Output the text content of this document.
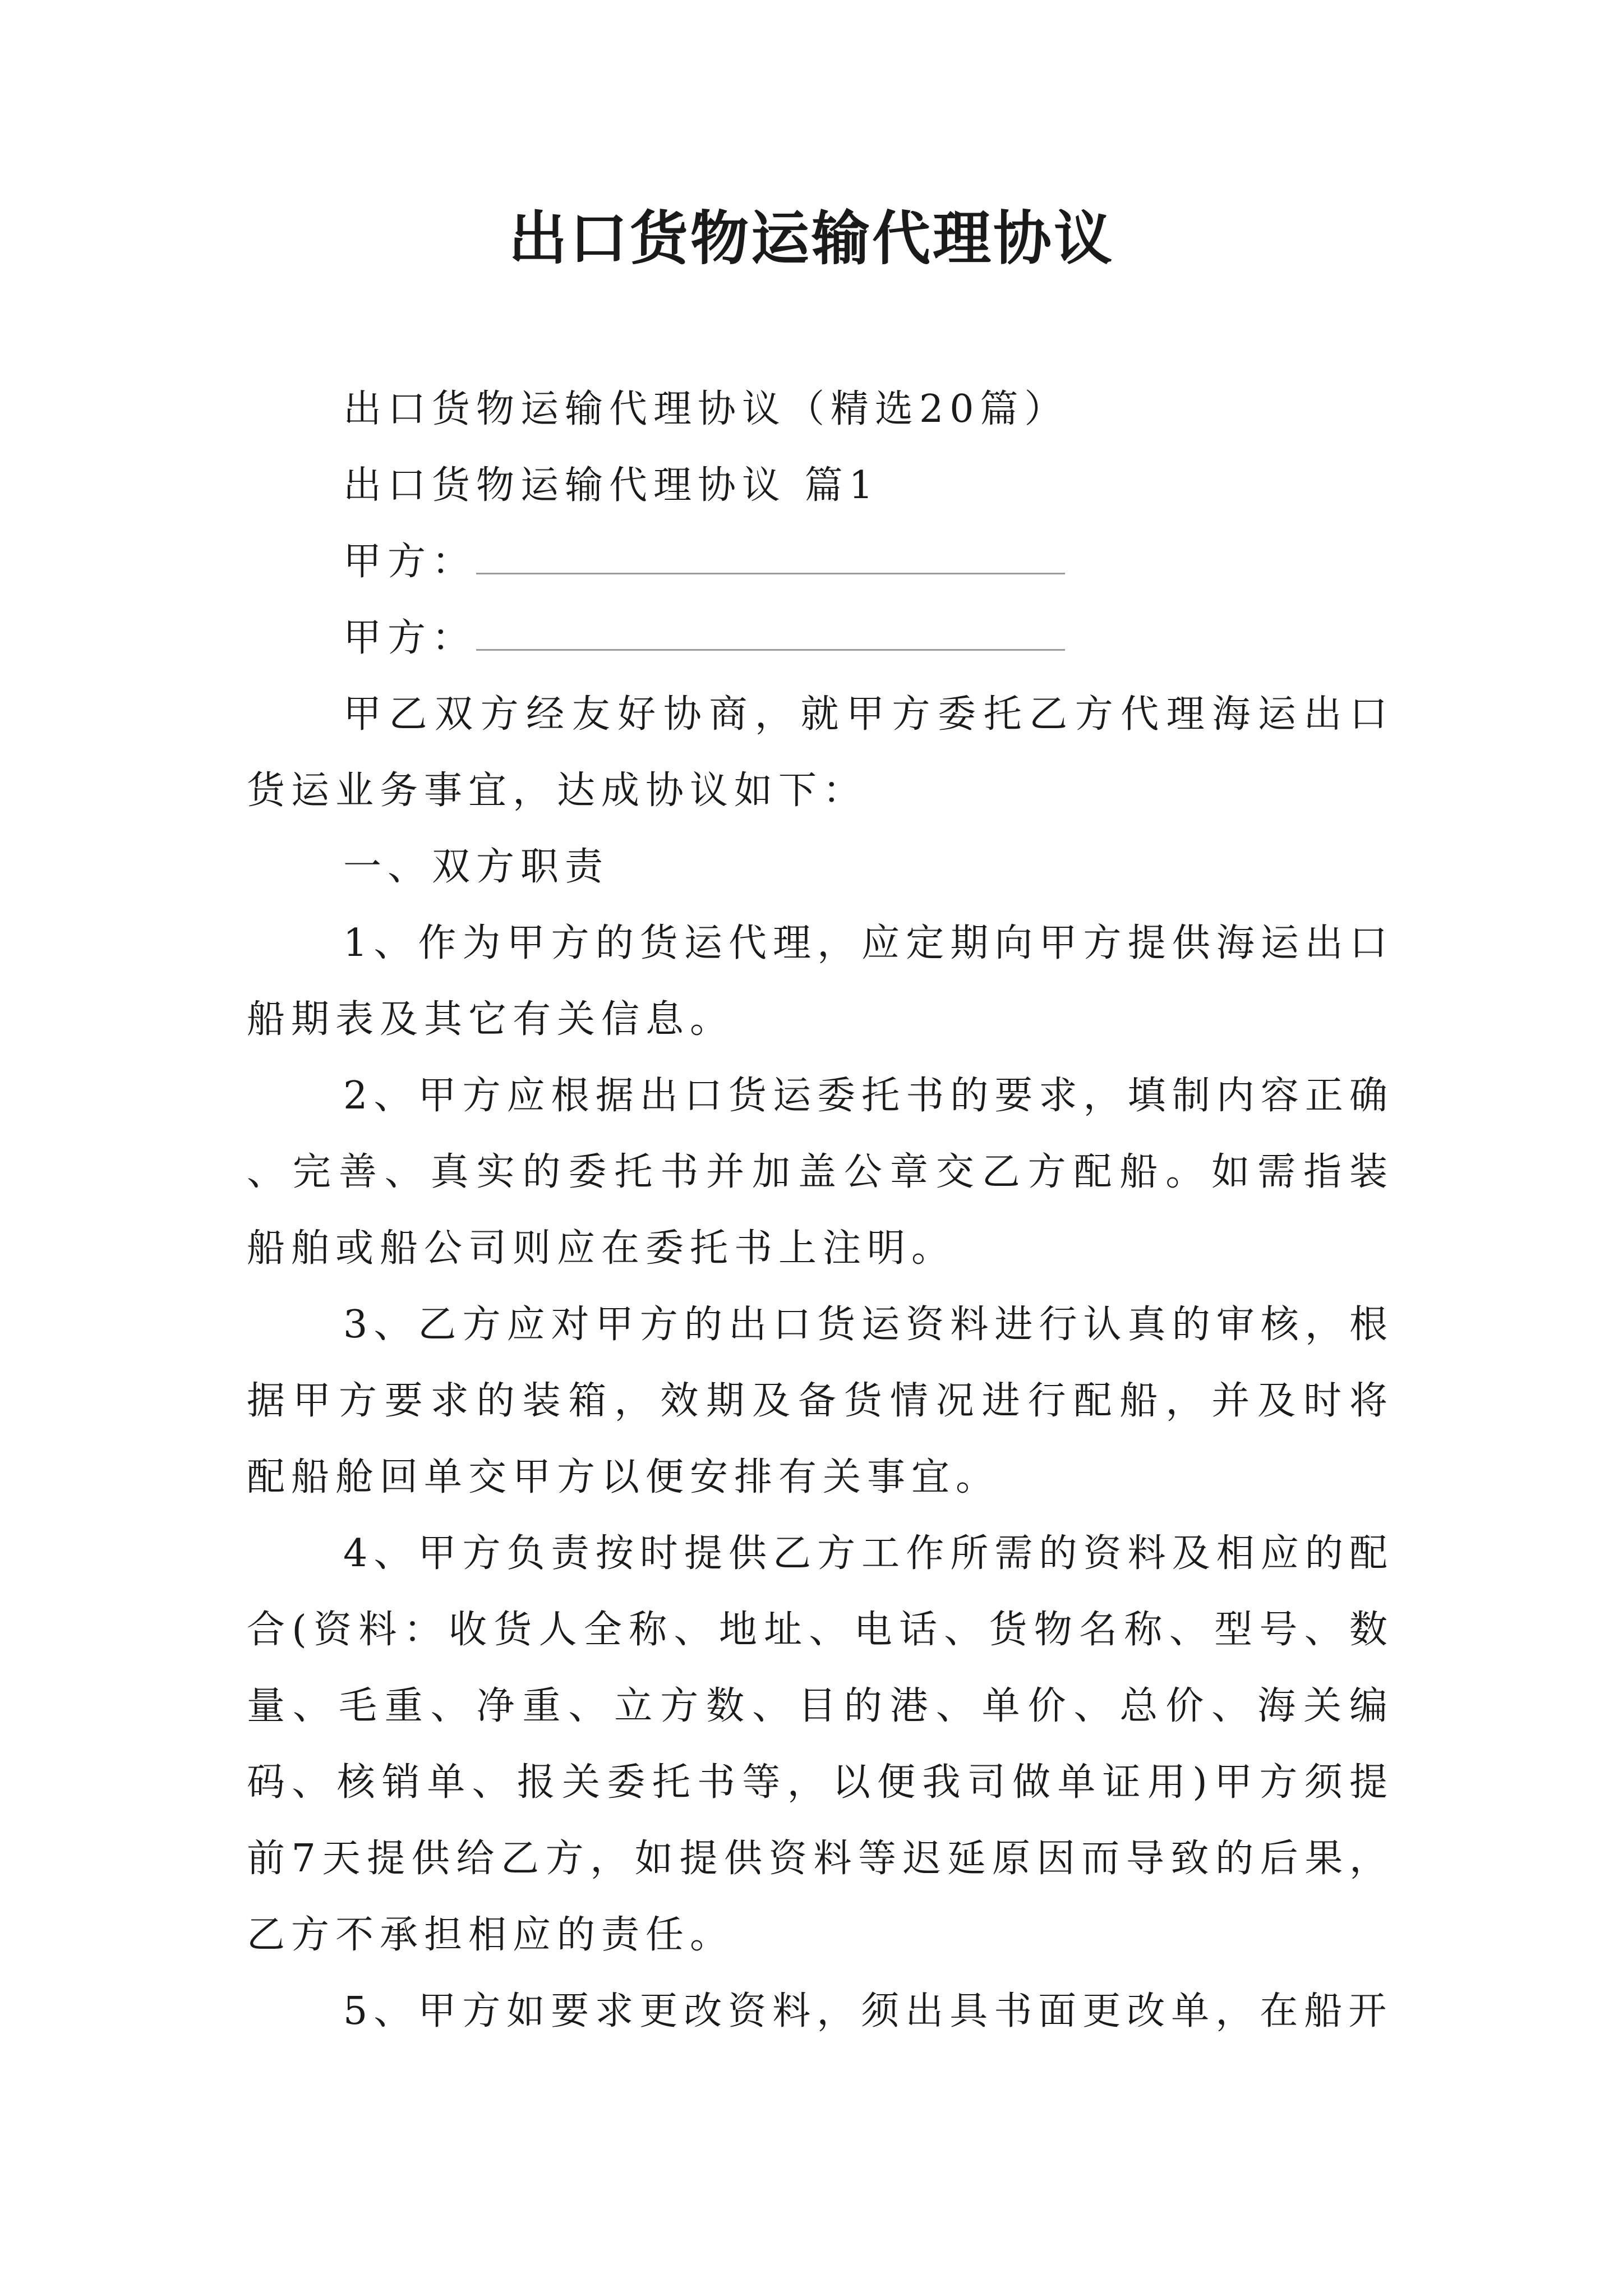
出口货物运输代理协议

出口货物运输代理协议（精选20篇）

出口货物运输代理协议 篇1

甲方：

甲方：

甲乙双方经友好协商，就甲方委托乙方代理海运出口货运业务事宜，达成协议如下：

一、双方职责

1、作为甲方的货运代理，应定期向甲方提供海运出口船期表及其它有关信息。

2、甲方应根据出口货运委托书的要求，填制内容正确、完善、真实的委托书并加盖公章交乙方配船。如需指装船舶或船公司则应在委托书上注明。

3、乙方应对甲方的出口货运资料进行认真的审核，根据甲方要求的装箱，效期及备货情况进行配船，并及时将配船舱回单交甲方以便安排有关事宜。

4、甲方负责按时提供乙方工作所需的资料及相应的配合(资料：收货人全称、地址、电话、货物名称、型号、数量、毛重、净重、立方数、目的港、单价、总价、海关编码、核销单、报关委托书等，以便我司做单证用)甲方须提前7天提供给乙方，如提供资料等迟延原因而导致的后果，乙方不承担相应的责任。

5、甲方如要求更改资料，须出具书面更改单，在船开
